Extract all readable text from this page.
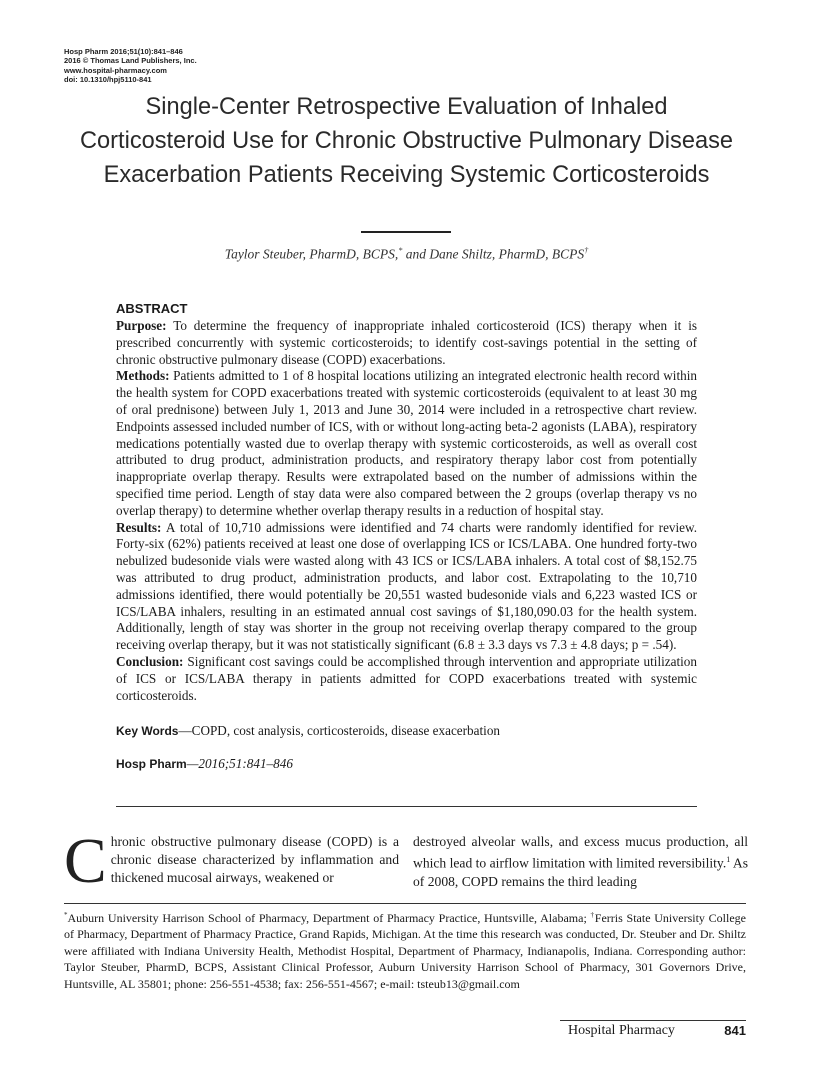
Hosp Pharm 2016;51(10):841–846
2016 © Thomas Land Publishers, Inc.
www.hospital-pharmacy.com
doi: 10.1310/hpj5110-841
Single-Center Retrospective Evaluation of Inhaled Corticosteroid Use for Chronic Obstructive Pulmonary Disease Exacerbation Patients Receiving Systemic Corticosteroids
Taylor Steuber, PharmD, BCPS,* and Dane Shiltz, PharmD, BCPS†
ABSTRACT

Purpose: To determine the frequency of inappropriate inhaled corticosteroid (ICS) therapy when it is prescribed concurrently with systemic corticosteroids; to identify cost-savings potential in the setting of chronic obstructive pulmonary disease (COPD) exacerbations.

Methods: Patients admitted to 1 of 8 hospital locations utilizing an integrated electronic health record within the health system for COPD exacerbations treated with systemic corticosteroids (equivalent to at least 30 mg of oral prednisone) between July 1, 2013 and June 30, 2014 were included in a retrospective chart review. Endpoints assessed included number of ICS, with or without long-acting beta-2 agonists (LABA), respiratory medications potentially wasted due to overlap therapy with systemic corticosteroids, as well as overall cost attributed to drug product, administration products, and respiratory therapy labor cost from potentially inappropriate overlap therapy. Results were extrapolated based on the number of admissions within the specified time period. Length of stay data were also compared between the 2 groups (overlap therapy vs no overlap therapy) to determine whether overlap therapy results in a reduction of hospital stay.

Results: A total of 10,710 admissions were identified and 74 charts were randomly identified for review. Forty-six (62%) patients received at least one dose of overlapping ICS or ICS/LABA. One hundred forty-two nebulized budesonide vials were wasted along with 43 ICS or ICS/LABA inhalers. A total cost of $8,152.75 was attributed to drug product, administration products, and labor cost. Extrapolating to the 10,710 admissions identified, there would potentially be 20,551 wasted budesonide vials and 6,223 wasted ICS or ICS/LABA inhalers, resulting in an estimated annual cost savings of $1,180,090.03 for the health system. Additionally, length of stay was shorter in the group not receiving overlap therapy compared to the group receiving overlap therapy, but it was not statistically significant (6.8 ± 3.3 days vs 7.3 ± 4.8 days; p = .54).

Conclusion: Significant cost savings could be accomplished through intervention and appropriate utilization of ICS or ICS/LABA therapy in patients admitted for COPD exacerbations treated with systemic corticosteroids.

Key Words—COPD, cost analysis, corticosteroids, disease exacerbation
Hosp Pharm—2016;51:841–846
Chronic obstructive pulmonary disease (COPD) is a chronic disease characterized by inflammation and thickened mucosal airways, weakened or
destroyed alveolar walls, and excess mucus production, all which lead to airflow limitation with limited reversibility.$^1$ As of 2008, COPD remains the third leading
*Auburn University Harrison School of Pharmacy, Department of Pharmacy Practice, Huntsville, Alabama; †Ferris State University College of Pharmacy, Department of Pharmacy Practice, Grand Rapids, Michigan. At the time this research was conducted, Dr. Steuber and Dr. Shiltz were affiliated with Indiana University Health, Methodist Hospital, Department of Pharmacy, Indianapolis, Indiana. Corresponding author: Taylor Steuber, PharmD, BCPS, Assistant Clinical Professor, Auburn University Harrison School of Pharmacy, 301 Governors Drive, Huntsville, AL 35801; phone: 256-551-4538; fax: 256-551-4567; e-mail: tsteub13@gmail.com
Hospital Pharmacy	841
